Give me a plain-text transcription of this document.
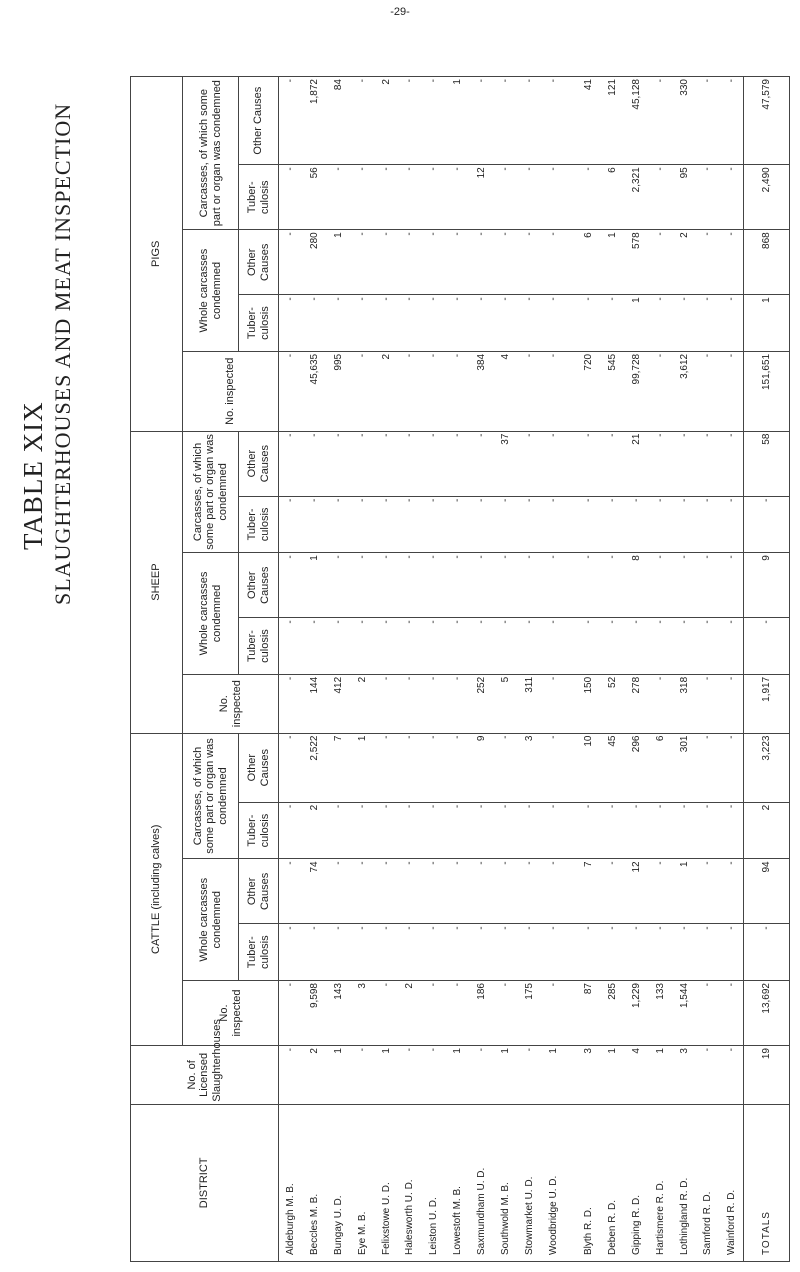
-29-
TABLE XIX SLAUGHTERHOUSES AND MEAT INSPECTION
DISTRICT	No. of Licensed Slaughterhouses	CATTLE (including calves)					SHEEP					PIGS				
		No. inspected	Whole carcasses condemned		Carcasses, of which some part or organ was condemned		No. inspected	Whole carcasses condemned		Carcasses, of which some part or organ was condemned		No. inspected	Whole carcasses condemned		Carcasses, of which some part or organ was condemned	
			Tuber- culosis	Other Causes	Tuber- culosis	Other Causes		Tuber- culosis	Other Causes	Tuber- culosis	Other Causes		Tuber- culosis	Other Causes	Tuber- culosis	Other Causes
Aldeburgh M. B.	-	-	-	-	-	-	-	-	-	-	-	-	-	-	-	-
Beccles M. B.	2	9,598	-	74	2	2,522	144	-	1	-	-	45,635	-	280	56	1,872
Bungay U. D.	1	143	-	-	-	7	412	-	-	-	-	995	-	1	-	84
Eye M. B.	-	3	-	-	-	1	2	-	-	-	-	-	-	-	-	-
Felixstowe U. D.	1	-	-	-	-	-	-	-	-	-	-	2	-	-	-	2
Halesworth U. D.	-	2	-	-	-	-	-	-	-	-	-	-	-	-	-	-
Leiston U. D.	-	-	-	-	-	-	-	-	-	-	-	-	-	-	-	-
Lowestoft M. B.	1	-	-	-	-	-	-	-	-	-	-	-	-	-	-	1
Saxmundham U. D.	-	186	-	-	-	9	252	-	-	-	-	384	-	-	12	-
Southwold M. B.	1	-	-	-	-	-	5	-	-	-	37	4	-	-	-	-
Stowmarket U. D.	-	175	-	-	-	3	311	-	-	-	-	-	-	-	-	-
Woodbridge U. D.	1	-	-	-	-	-	-	-	-	-	-	-	-	-	-	-

Blyth R. D.	3	87	-	7	-	10	150	-	-	-	-	720	-	6	-	41
Deben R. D.	1	285	-	-	-	45	52	-	-	-	-	545	-	1	6	121
Gipping R. D.	4	1,229	-	12	-	296	278	-	8	-	21	99,728	1	578	2,321	45,128
Hartismere R. D.	1	133	-	-	-	6	-	-	-	-	-	-	-	-	-	-
Lothingland R. D.	3	1,544	-	1	-	301	318	-	-	-	-	3,612	-	2	95	330
Samford R. D.	-	-	-	-	-	-	-	-	-	-	-	-	-	-	-	-
Wainford R. D.	-	-	-	-	-	-	-	-	-	-	-	-	-	-	-	-
TOTALS	19	13,692	-	94	2	3,223	1,917	-	9	-	58	151,651	1	868	2,490	47,579
